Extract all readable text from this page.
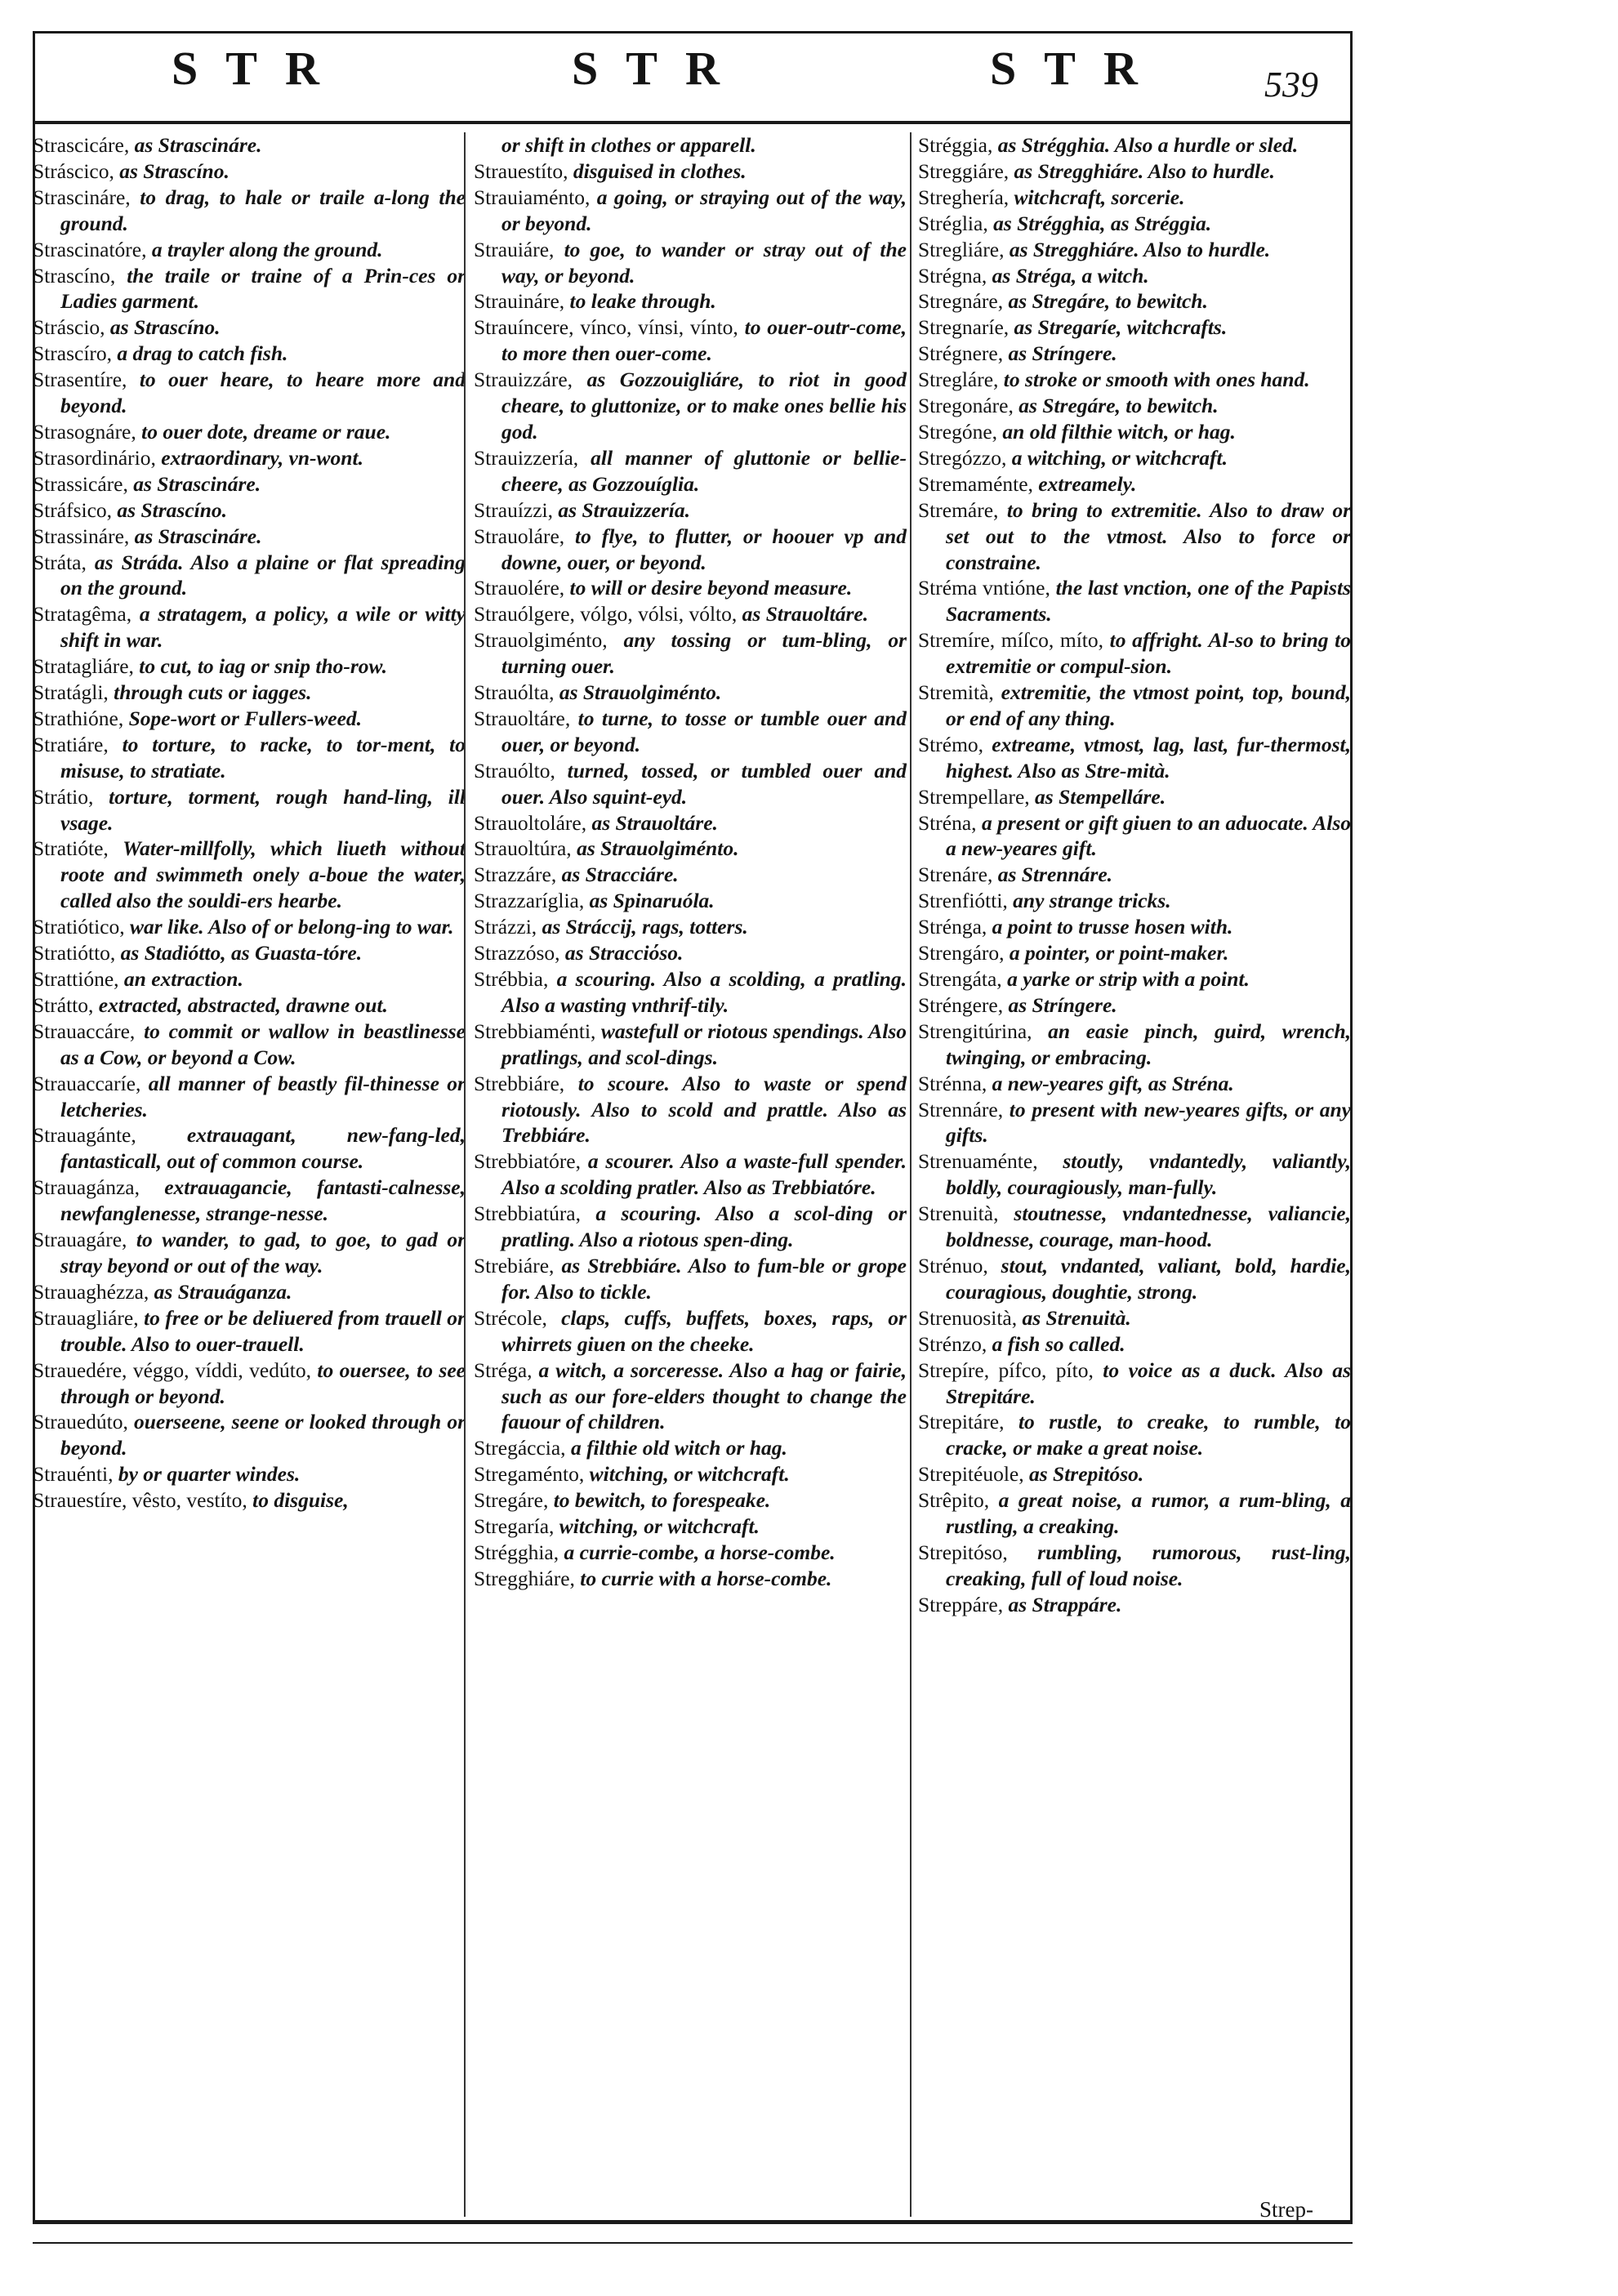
STR	STR	STR	539
Strascicáre, as Strascináre.
Stráscico, as Strascíno.
Strascináre, to drag, to hale or traile a-long the ground.
Strascinatóre, a trayler along the ground.
Strascíno, the traile or traine of a Prin-ces or Ladies garment.
Stráscio, as Strascíno.
Strascíro, a drag to catch fish.
Strasentíre, to ouer heare, to heare more and beyond.
Strasognáre, to ouer dote, dreame or raue.
Strasordinário, extraordinary, vn-wont.
Strassicáre, as Strascináre.
Stráfsico, as Strascíno.
Strassináre, as Strascináre.
Stráta, as Stráda. Also a plaine or flat spreading on the ground.
Stratagêma, a stratagem, a policy, a wile or witty shift in war.
Stratagliáre, to cut, to iag or snip tho-row.
Stratágli, through cuts or iagges.
Strathióne, Sope-wort or Fullers-weed.
Stratiáre, to torture, to racke, to tor-ment, to misuse, to stratiate.
Strátio, torture, torment, rough hand-ling, ill vsage.
Stratióte, Water-millfolly, which liueth without roote and swimmeth onely a-boue the water, called also the souldi-ers hearbe.
Stratiótico, war like. Also of or belong-ing to war.
Stratiótto, as Stadiótto, as Guasta-tóre.
Strattióne, an extraction.
Strátto, extracted, abstracted, drawne out.
Strauaccáre, to commit or wallow in beastlinesse as a Cow, or beyond a Cow.
Strauaccaríe, all manner of beastly fil-thinesse or letcheries.
Strauagánte, extrauagant, new-fang-led, fantasticall, out of common course.
Strauagánza, extrauagancie, fantasti-calnesse, newfanglenesse, strange-nesse.
Strauagáre, to wander, to gad, to goe, to gad or stray beyond or out of the way.
Strauaghézza, as Strauáganza.
Strauagliáre, to free or be deliuered from trauell or trouble. Also to ouer-trauell.
Strauedére, véggo, víddi, vedúto, to ouersee, to see through or beyond.
Strauedúto, ouerseene, seene or looked through or beyond.
Strauénti, by or quarter windes.
Strauestíre, vêsto, vestíto, to disguise,
or shift in clothes or apparell.
Strauestíto, disguised in clothes.
Strauiaménto, a going, or straying out of the way, or beyond.
Strauiáre, to goe, to wander or stray out of the way, or beyond.
Strauináre, to leake through.
Strauíncere, víncο, vínsi, vínto, to ouer-outr-come, to more then ouer-come.
Strauizzáre, as Gozzouigliáre, to riot in good cheare, to gluttonize, or to make ones bellie his god.
Strauizzería, all manner of gluttonie or bellie-cheere, as Gozzouíglia.
Strauízzi, as Strauizzería.
Strauoláre, to flye, to flutter, or hoouer vp and downe, ouer, or beyond.
Strauolére, to will or desire beyond measure.
Strauólgere, vólgo, vólsi, vólto, as Strauoltáre.
Strauolgiménto, any tossing or tum-bling, or turning ouer.
Strauólta, as Strauolgiménto.
Strauoltáre, to turne, to tosse or tumble ouer and ouer, or beyond.
Strauólto, turned, tossed, or tumbled ouer and ouer. Also squint-eyd.
Strauoltoláre, as Strauoltáre.
Strauoltúra, as Strauolgiménto.
Strazzáre, as Stracciáre.
Strazzaríglia, as Spinaruóla.
Strázzi, as Stráccij, rags, totters.
Strazzóso, as Stracciόso.
Strébbia, a scouring. Also a scolding, a pratling. Also a wasting vnthrif-tily.
Strebbiaménti, wastefull or riotous spendings. Also pratlings, and scol-dings.
Strebbiáre, to scoure. Also to waste or spend riotously. Also to scold and prattle. Also as Trebbiáre.
Strebbiatóre, a scourer. Also a waste-full spender. Also a scolding pratler. Also as Trebbiatóre.
Strebbiatúra, a scouring. Also a scol-ding or pratling. Also a riotous spen-ding.
Strebiáre, as Strebbiáre. Also to fum-ble or grope for. Also to tickle.
Strécole, claps, cuffs, buffets, boxes, raps, or whirrets giuen on the cheeke.
Stréga, a witch, a sorceresse. Also a hag or fairie, such as our fore-elders thought to change the fauour of children.
Stregáccia, a filthie old witch or hag.
Stregaménto, witching, or witchcraft.
Stregáre, to bewitch, to forespeake.
Stregaría, witching, or witchcraft.
Strégghia, a currie-combe, a horse-combe.
Stregghiáre, to currie with a horse-combe.
Stréggia, as Strégghia. Also a hurdle or sled.
Streggiáre, as Stregghiáre. Also to hurdle.
Streghería, witchcraft, sorcerie.
Stréglia, as Strégghia, as Stréggia.
Stregliáre, as Stregghiáre. Also to hurdle.
Strégna, as Stréga, a witch.
Stregnáre, as Stregáre, to bewitch.
Stregnaríe, as Stregaríe, witchcrafts.
Strégnere, as Stríngere.
Stregláre, to stroke or smooth with ones hand.
Stregonáre, as Stregáre, to bewitch.
Stregóne, an old filthie witch, or hag.
Stregózzo, a witching, or witchcraft.
Stremaménte, extreamely.
Stremáre, to bring to extremitie. Also to draw or set out to the vtmost. Also to force or constraine.
Stréma vntióne, the last vnction, one of the Papists Sacraments.
Stremíre, míſco, míto, to affright. Al-so to bring to extremitie or compul-sion.
Stremità, extremitie, the vtmost point, top, bound, or end of any thing.
Strémo, extreame, vtmost, lag, last, fur-thermost, highest. Also as Stre-mità.
Strempellare, as Stempelláre.
Strénа, a present or gift giuen to an aduocate. Also a new-yeares gift.
Strenáre, as Strennáre.
Strenfiótti, any strange tricks.
Strénga, a point to trusse hosen with.
Strengáro, a pointer, or point-maker.
Strengáta, a yarke or strip with a point.
Stréngere, as Stríngere.
Strengitúrina, an easie pinch, guird, wrench, twinging, or embracing.
Strénna, a new-yeares gift, as Stréna.
Strennáre, to present with new-yeares gifts, or any gifts.
Strenuaménte, stoutly, vndantedly, valiantly, boldly, couragiously, man-fully.
Strenuità, stoutnesse, vndantednesse, valiancie, boldnesse, courage, man-hood.
Strénuo, stout, vndanted, valiant, bold, hardie, couragious, doughtie, strong.
Strenuosità, as Strenuità.
Strénzo, a fish so called.
Strepíre, pífco, píto, to voice as a duck. Also as Strepitáre.
Strepitáre, to rustle, to creake, to rumble, to cracke, or make a great noise.
Strepitéuole, as Strepitóso.
Strêpito, a great noise, a rumor, a rum-bling, a rustling, a creaking.
Strepitóso, rumbling, rumorous, rust-ling, creaking, full of loud noise.
Streppáre, as Strappáre.
Strep-
